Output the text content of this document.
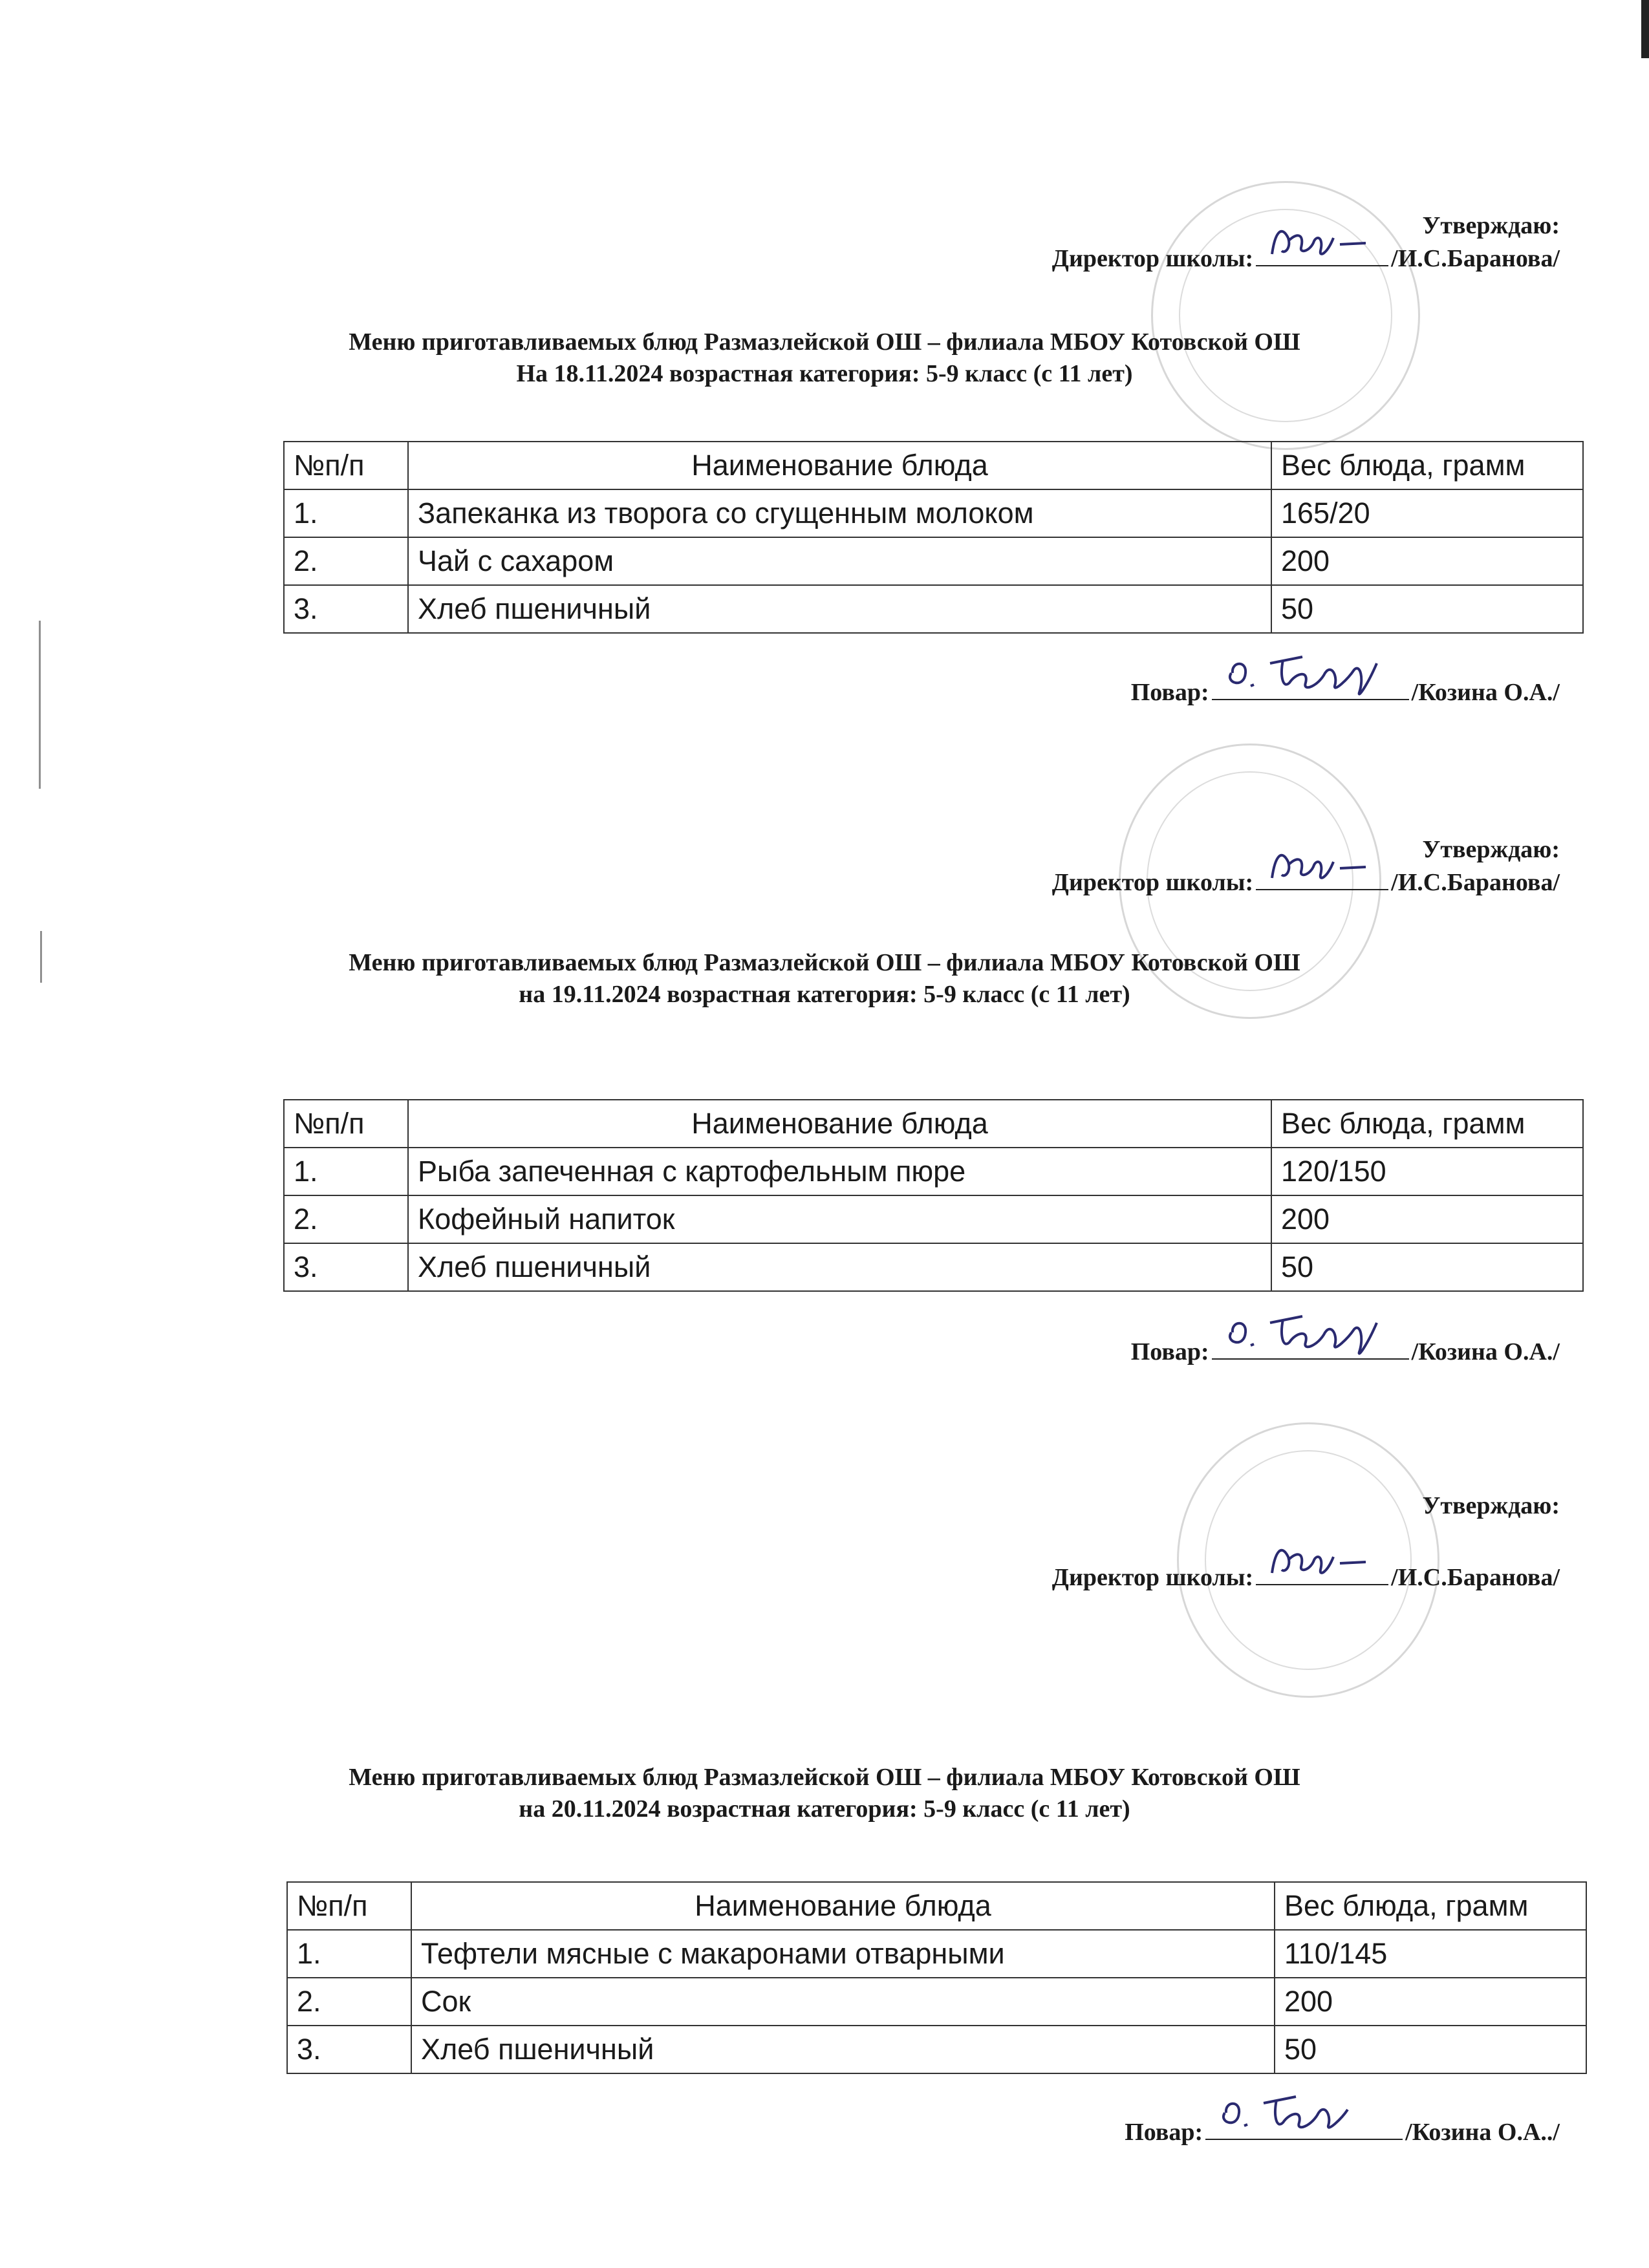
Утверждаю:
Директор школы:	/И.С.Баранова/
Меню приготавливаемых блюд Размазлейской ОШ – филиала МБОУ Котовской ОШ
На 18.11.2024 возрастная категория: 5-9 класс (с 11 лет)
№п/п	Наименование блюда	Вес блюда, грамм
1.	Запеканка из творога со сгущенным молоком	165/20
2.	Чай с сахаром	200
3.	Хлеб пшеничный	50
Повар:	/Козина О.А./
Утверждаю:
Директор школы:	/И.С.Баранова/
Меню приготавливаемых блюд Размазлейской ОШ – филиала МБОУ Котовской ОШ
на 19.11.2024 возрастная категория: 5-9 класс (с 11 лет)
№п/п	Наименование блюда	Вес блюда, грамм
1.	Рыба запеченная с картофельным пюре	120/150
2.	Кофейный напиток	200
3.	Хлеб пшеничный	50
Повар:	/Козина О.А./
Утверждаю:
Директор школы:	/И.С.Баранова/
Меню приготавливаемых блюд Размазлейской ОШ – филиала МБОУ Котовской ОШ
на 20.11.2024 возрастная категория: 5-9 класс (с 11 лет)
№п/п	Наименование блюда	Вес блюда, грамм
1.	Тефтели мясные с макаронами отварными	110/145
2.	Сок	200
3.	Хлеб пшеничный	50
Повар:	/Козина О.А../
